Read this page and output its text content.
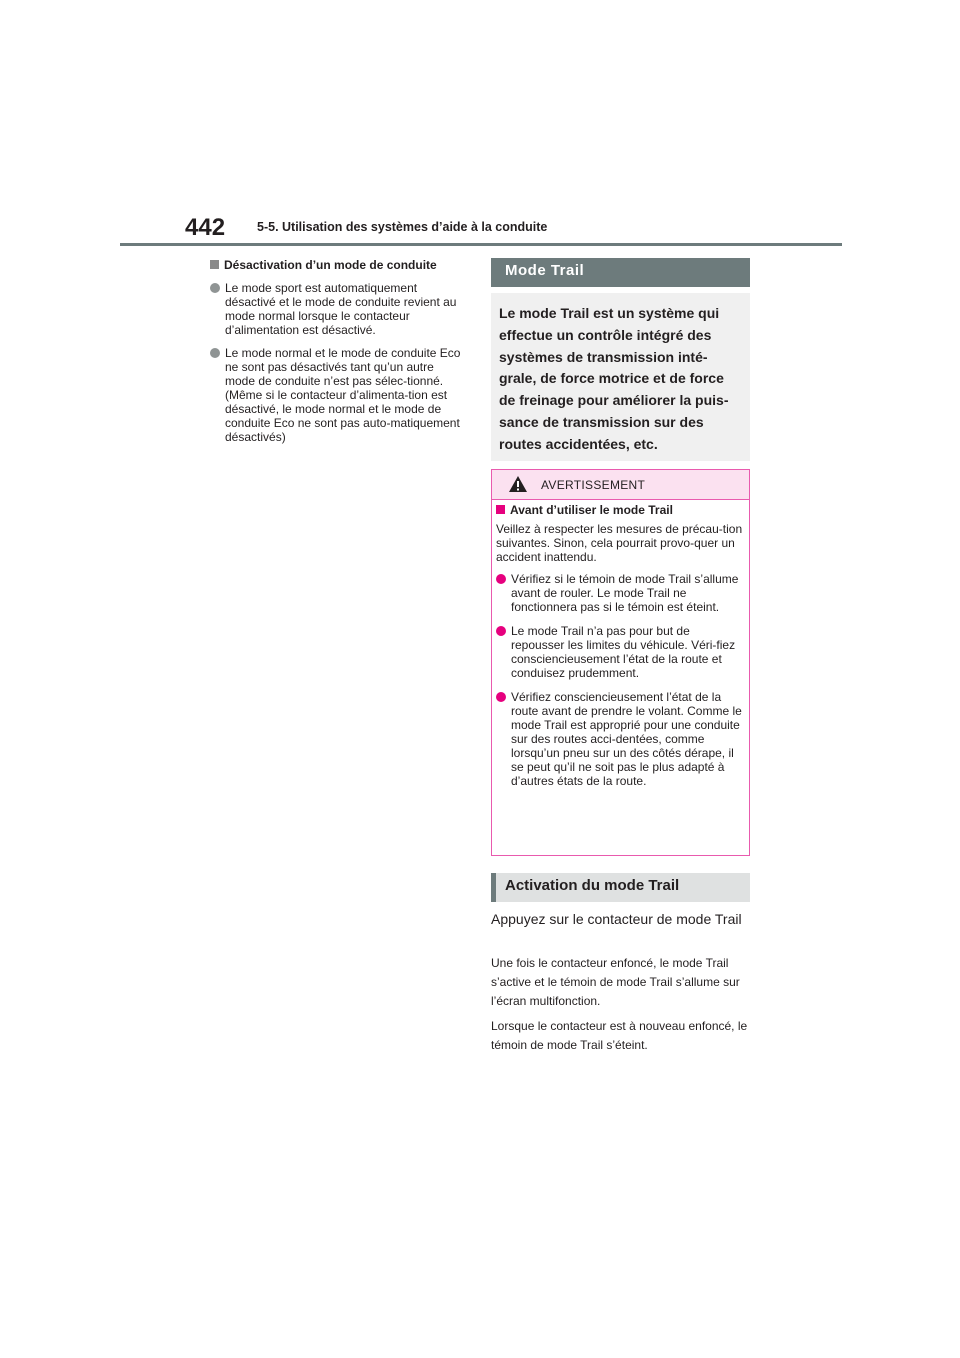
442	5-5. Utilisation des systèmes d’aide à la conduite
Désactivation d’un mode de conduite
Le mode sport est automatiquement désactivé et le mode de conduite revient au mode normal lorsque le contacteur d’alimentation est désactivé.
Le mode normal et le mode de conduite Eco ne sont pas désactivés tant qu’un autre mode de conduite n’est pas sélec-tionné. (Même si le contacteur d’alimenta-tion est désactivé, le mode normal et le mode de conduite Eco ne sont pas auto-matiquement désactivés)
Mode Trail

Le mode Trail est un système qui effectue un contrôle intégré des systèmes de transmission inté-grale, de force motrice et de force de freinage pour améliorer la puis-sance de transmission sur des routes accidentées, etc.

AVERTISSEMENT
Avant d’utiliser le mode Trail
Veillez à respecter les mesures de précau-tion suivantes. Sinon, cela pourrait provo-quer un accident inattendu.
Vérifiez si le témoin de mode Trail s’allume avant de rouler. Le mode Trail ne fonctionnera pas si le témoin est éteint.
Le mode Trail n’a pas pour but de repousser les limites du véhicule. Véri-fiez consciencieusement l’état de la route et conduisez prudemment.
Vérifiez consciencieusement l’état de la route avant de prendre le volant. Comme le mode Trail est approprié pour une conduite sur des routes acci-dentées, comme lorsqu’un pneu sur un des côtés dérape, il se peut qu’il ne soit pas le plus adapté à d’autres états de la route.
Activation du mode Trail
Appuyez sur le contacteur de mode Trail
Une fois le contacteur enfoncé, le mode Trail s’active et le témoin de mode Trail s’allume sur l’écran multifonction.
Lorsque le contacteur est à nouveau enfoncé, le témoin de mode Trail s’éteint.
